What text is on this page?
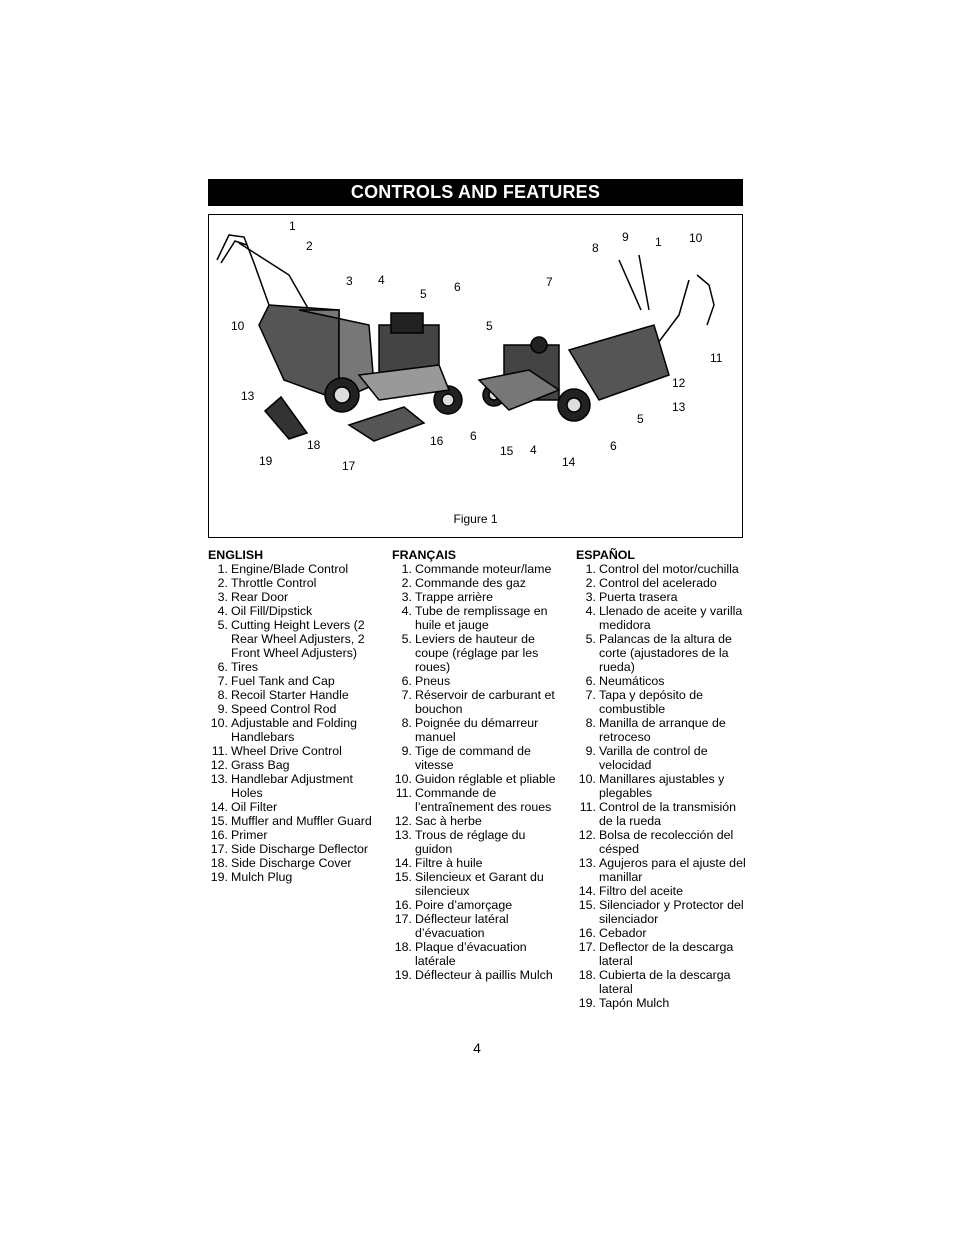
CONTROLS AND FEATURES
1
2
3 4
5 6
10
13
19
18
17
16 6
8
9 1 10
7
5
11
12
13
5
6
15 4
14
Figure 1
ENGLISH
1. Engine/Blade Control
2. Throttle Control
3. Rear Door
4. Oil Fill/Dipstick
5. Cutting Height Levers (2 Rear Wheel Adjusters, 2 Front Wheel Adjusters)
6. Tires
7. Fuel Tank and Cap
8. Recoil Starter Handle
9. Speed Control Rod
10. Adjustable and Folding Handlebars
11. Wheel Drive Control
12. Grass Bag
13. Handlebar Adjustment Holes
14. Oil Filter
15. Muffler and Muffler Guard
16. Primer
17. Side Discharge Deflector
18. Side Discharge Cover
19. Mulch Plug
FRANÇAIS
1. Commande moteur/lame
2. Commande des gaz
3. Trappe arrière
4. Tube de remplissage en huile et jauge
5. Leviers de hauteur de coupe (réglage par les roues)
6. Pneus
7. Réservoir de carburant et bouchon
8. Poignée du démarreur manuel
9. Tige de command de vitesse
10. Guidon réglable et pliable
11. Commande de l’entraînement des roues
12. Sac à herbe
13. Trous de réglage du guidon
14. Filtre à huile
15. Silencieux et Garant du silencieux
16. Poire d’amorçage
17. Déflecteur latéral d’évacuation
18. Plaque d’évacuation latérale
19. Déflecteur à paillis Mulch
ESPAÑOL
1. Control del motor/cuchilla
2. Control del acelerado
3. Puerta trasera
4. Llenado de aceite y varilla medidora
5. Palancas de la altura de corte (ajustadores de la rueda)
6. Neumáticos
7. Tapa y depósito de combustible
8. Manilla de arranque de retroceso
9. Varilla de control de velocidad
10. Manillares ajustables y plegables
11. Control de la transmisión de la rueda
12. Bolsa de recolección del césped
13. Agujeros para el ajuste del manillar
14. Filtro del aceite
15. Silenciador y Protector del silenciador
16. Cebador
17. Deflector de la descarga lateral
18. Cubierta de la descarga lateral
19. Tapón Mulch
4
